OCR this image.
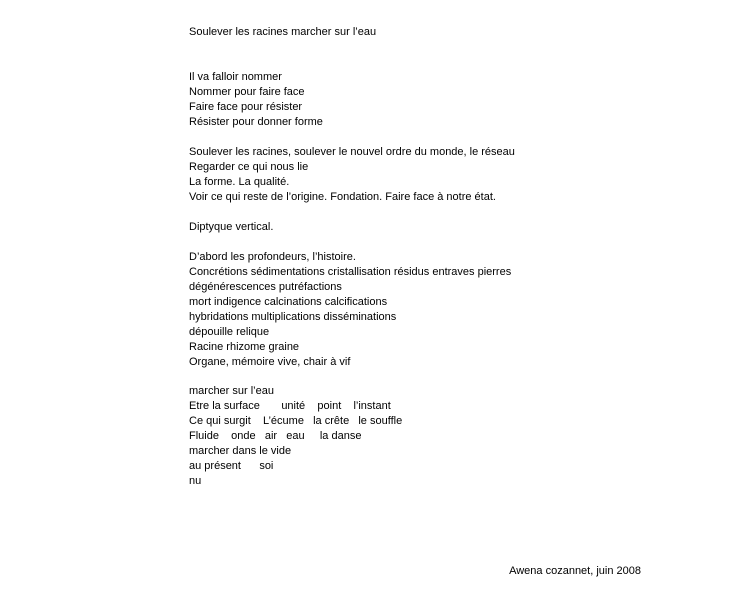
Soulever les racines marcher sur l’eau
Il va falloir nommer
Nommer pour faire face
Faire face pour résister
Résister pour donner forme
Soulever les racines, soulever le nouvel ordre du monde, le réseau
Regarder ce qui nous lie
La forme. La qualité.
Voir ce qui reste de l’origine. Fondation. Faire face à notre état.
Diptyque vertical.
D’abord les profondeurs, l’histoire.
Concrétions sédimentations cristallisation résidus entraves pierres
dégénérescences putréfactions
mort indigence calcinations calcifications
hybridations multiplications disséminations
dépouille relique
Racine rhizome graine
Organe, mémoire vive, chair à vif
marcher sur l’eau
Etre la surface       unité    point    l’instant
Ce qui surgit    L’écume   la crête   le souffle
Fluide    onde   air   eau     la danse
marcher dans le vide
au présent      soi
nu
Awena cozannet, juin 2008
